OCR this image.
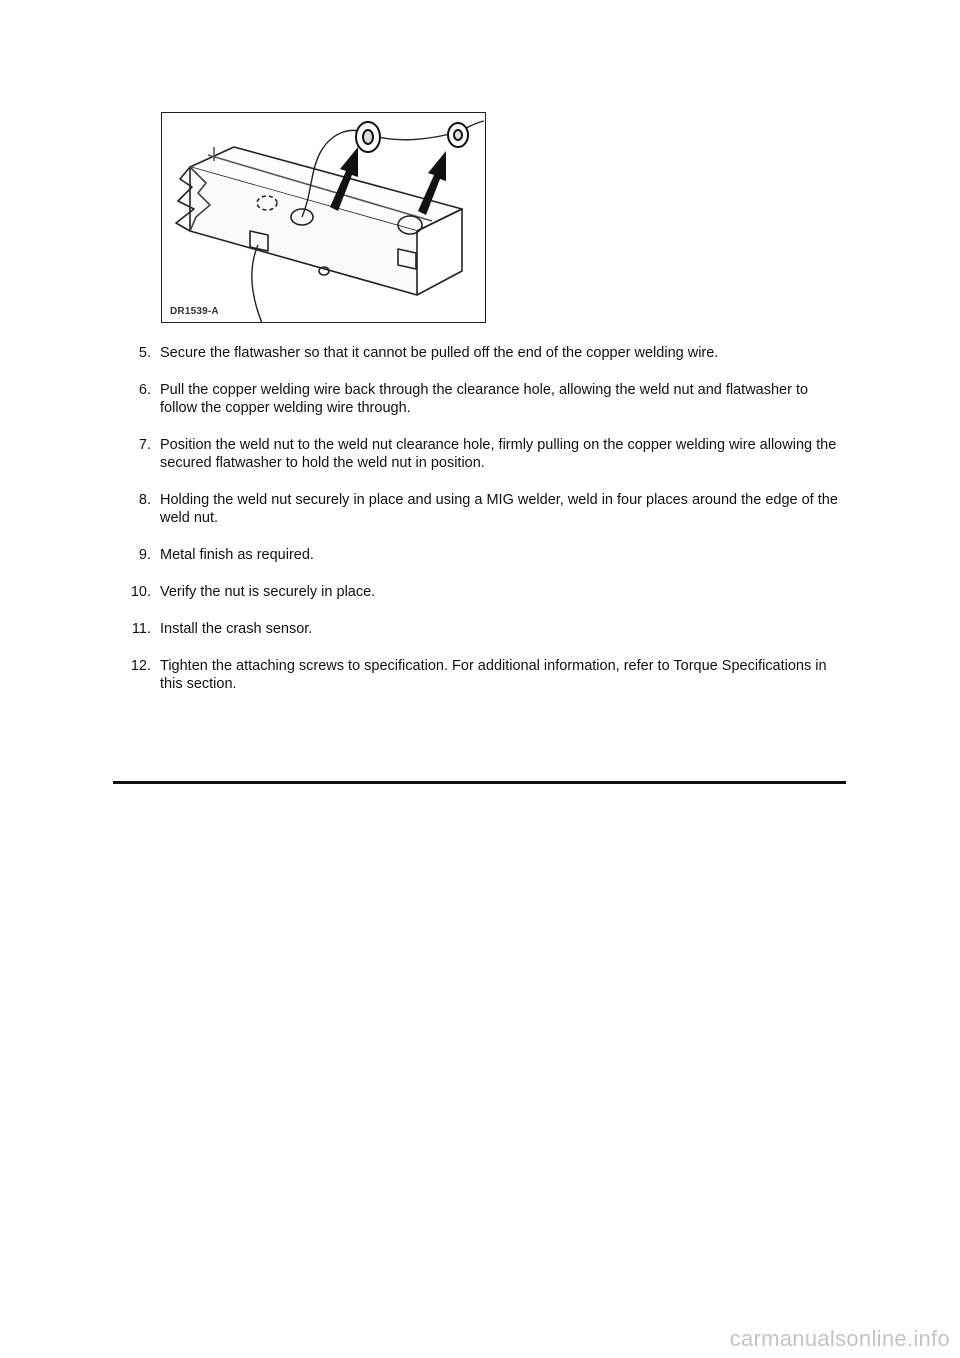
DR1539-A
5. Secure the flatwasher so that it cannot be pulled off the end of the copper welding wire.
6. Pull the copper welding wire back through the clearance hole, allowing the weld nut and flatwasher to follow the copper welding wire through.
7. Position the weld nut to the weld nut clearance hole, firmly pulling on the copper welding wire allowing the secured flatwasher to hold the weld nut in position.
8. Holding the weld nut securely in place and using a MIG welder, weld in four places around the edge of the weld nut.
9. Metal finish as required.
10. Verify the nut is securely in place.
11. Install the crash sensor.
12. Tighten the attaching screws to specification. For additional information, refer to Torque Specifications in this section.
carmanualsonline.info
